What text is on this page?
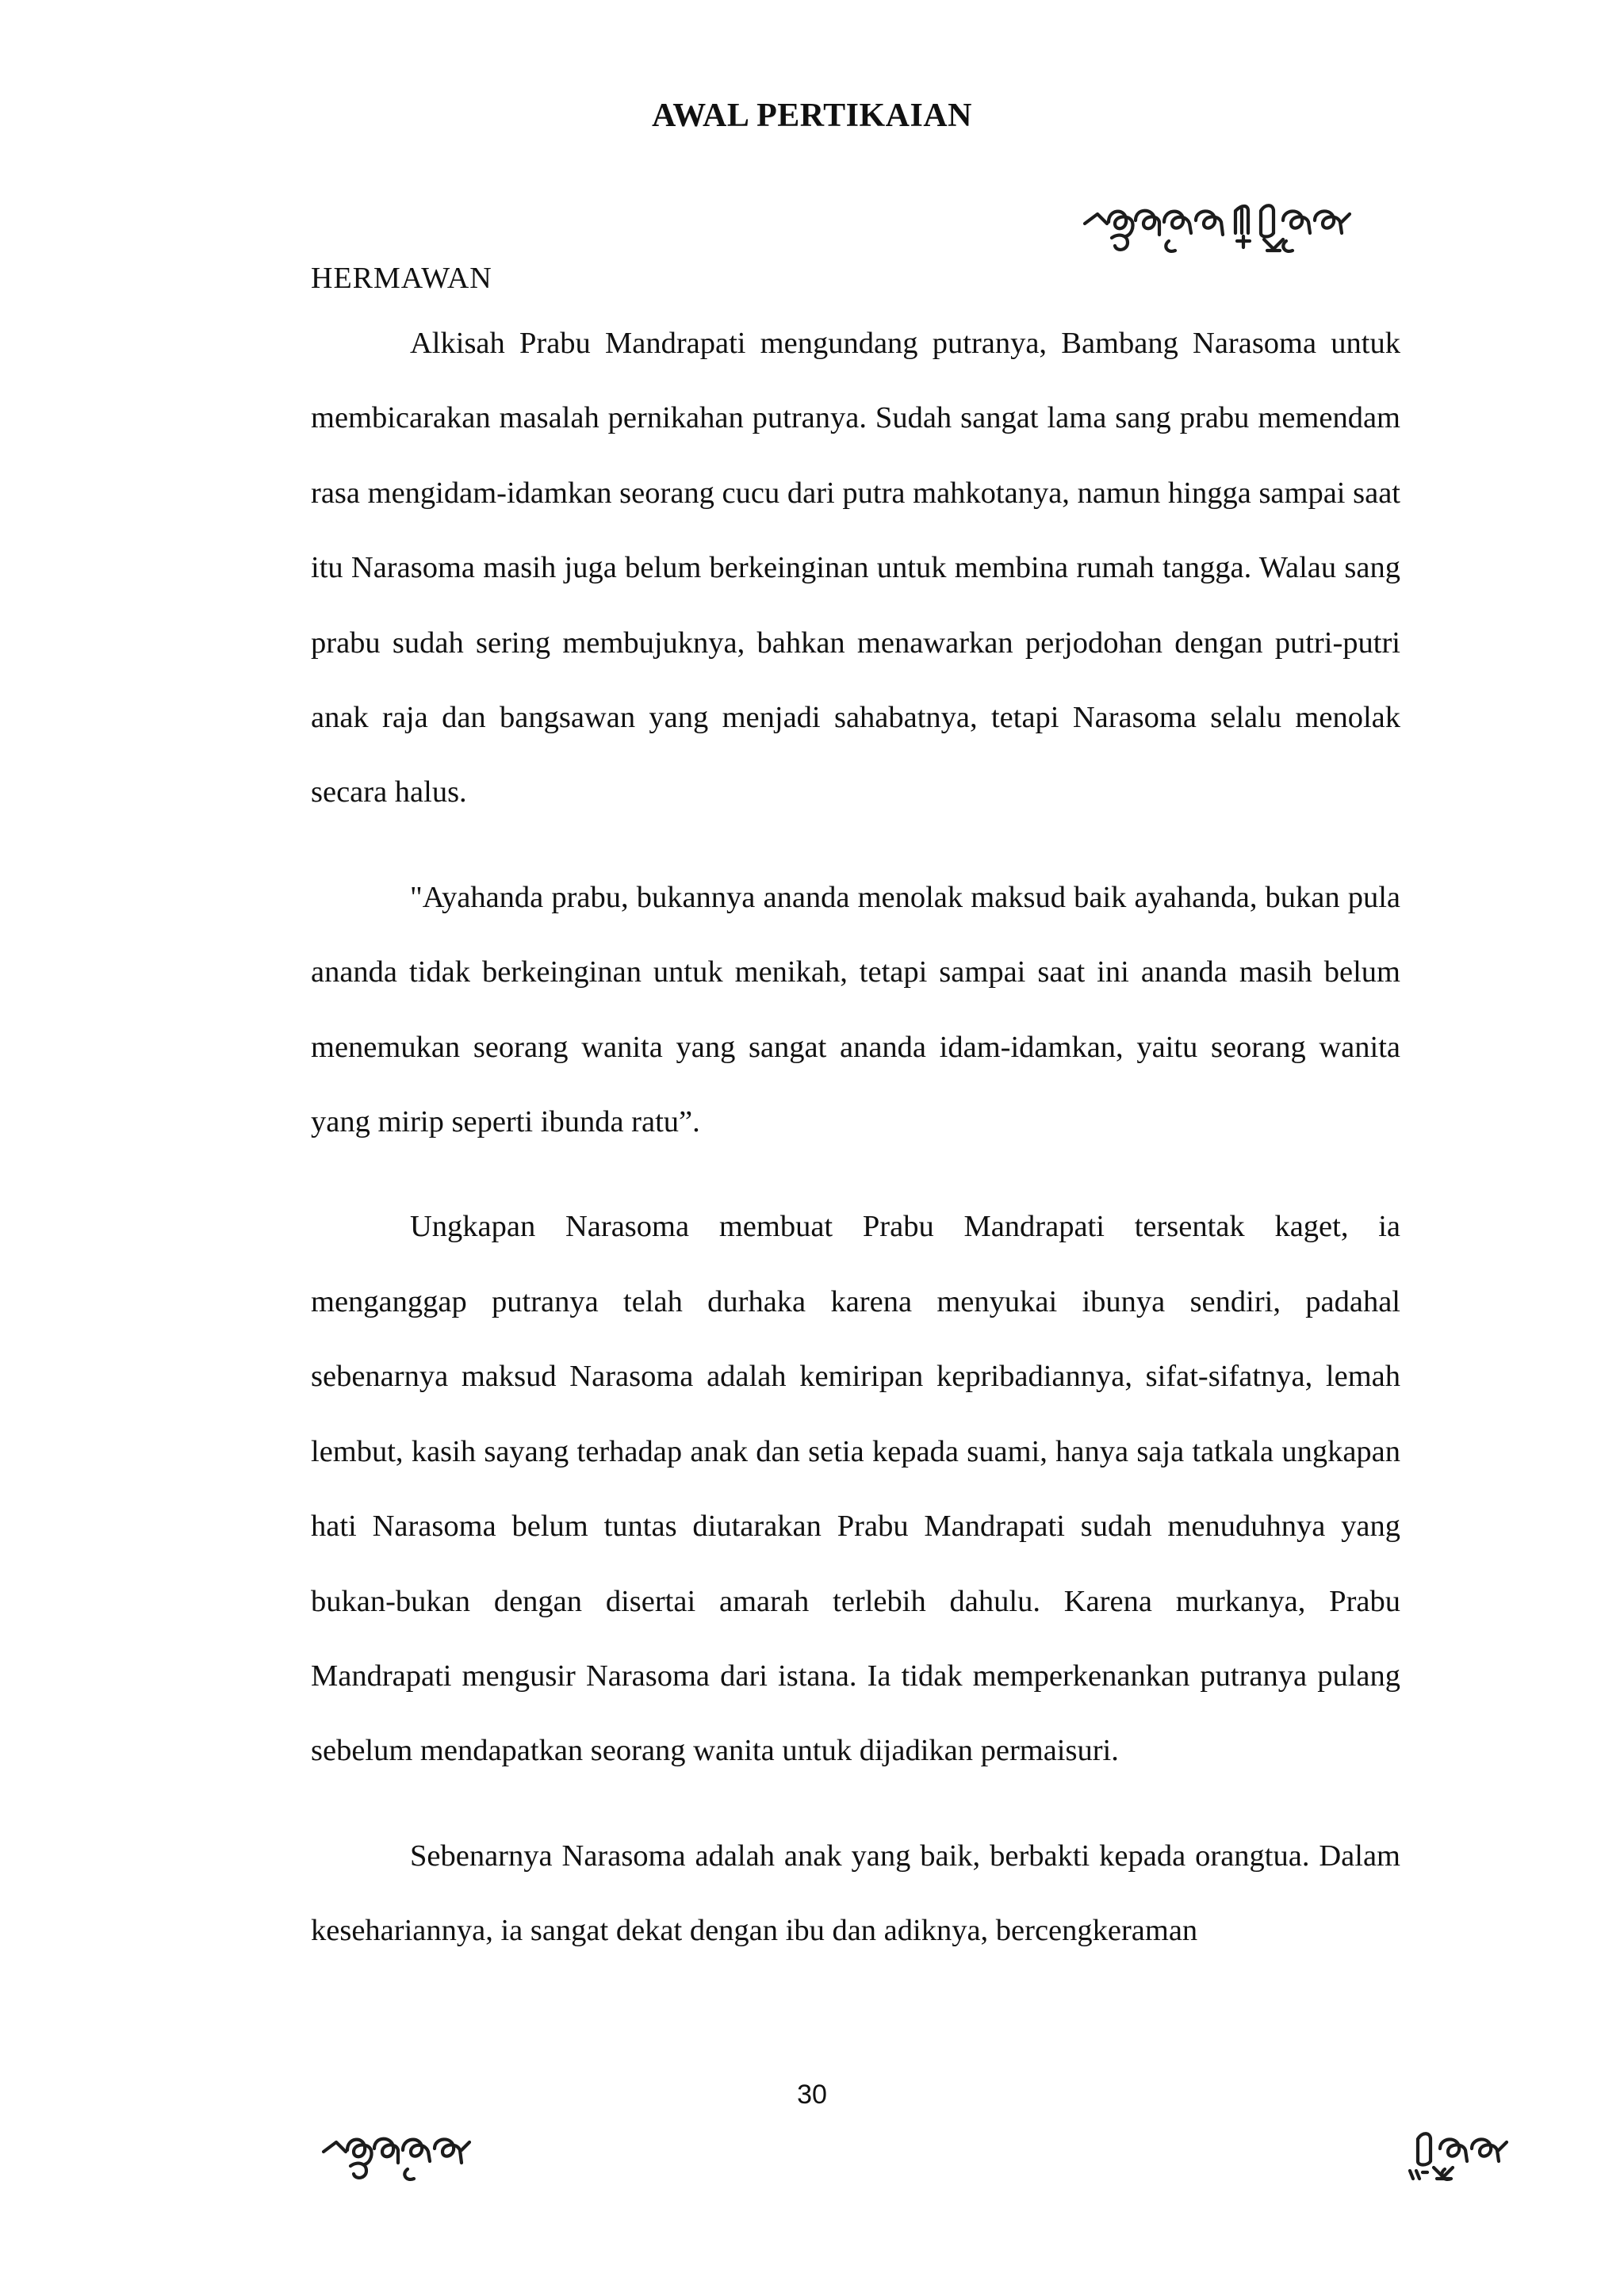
AWAL PERTIKAIAN
HERMAWAN

Alkisah Prabu Mandrapati mengundang putranya, Bambang Narasoma untuk membicarakan masalah pernikahan putranya. Sudah sangat lama sang prabu memendam rasa mengidam-idamkan seorang cucu dari putra mahkotanya, namun hingga sampai saat itu Narasoma masih juga belum berkeinginan untuk membina rumah tangga. Walau sang prabu sudah sering membujuknya, bahkan menawarkan perjodohan dengan putri-putri anak raja dan bangsawan yang menjadi sahabatnya, tetapi Narasoma selalu menolak secara halus.

"Ayahanda prabu, bukannya ananda menolak maksud baik ayahanda, bukan pula ananda tidak berkeinginan untuk menikah, tetapi sampai saat ini ananda masih belum menemukan seorang wanita yang sangat ananda idam-idamkan, yaitu seorang wanita yang mirip seperti ibunda ratu”.

Ungkapan Narasoma membuat Prabu Mandrapati tersentak kaget, ia menganggap putranya telah durhaka karena menyukai ibunya sendiri, padahal sebenarnya maksud Narasoma adalah kemiripan kepribadiannya, sifat-sifatnya, lemah lembut, kasih sayang terhadap anak dan setia kepada suami, hanya saja tatkala ungkapan hati Narasoma belum tuntas diutarakan Prabu Mandrapati sudah menuduhnya yang bukan-bukan dengan disertai amarah terlebih dahulu. Karena murkanya, Prabu Mandrapati mengusir Narasoma dari istana. Ia tidak memperkenankan putranya pulang sebelum mendapatkan seorang wanita untuk dijadikan permaisuri.

Sebenarnya Narasoma adalah anak yang baik, berbakti kepada orangtua. Dalam kesehariannya, ia sangat dekat dengan ibu dan adiknya, bercengkeraman

30
